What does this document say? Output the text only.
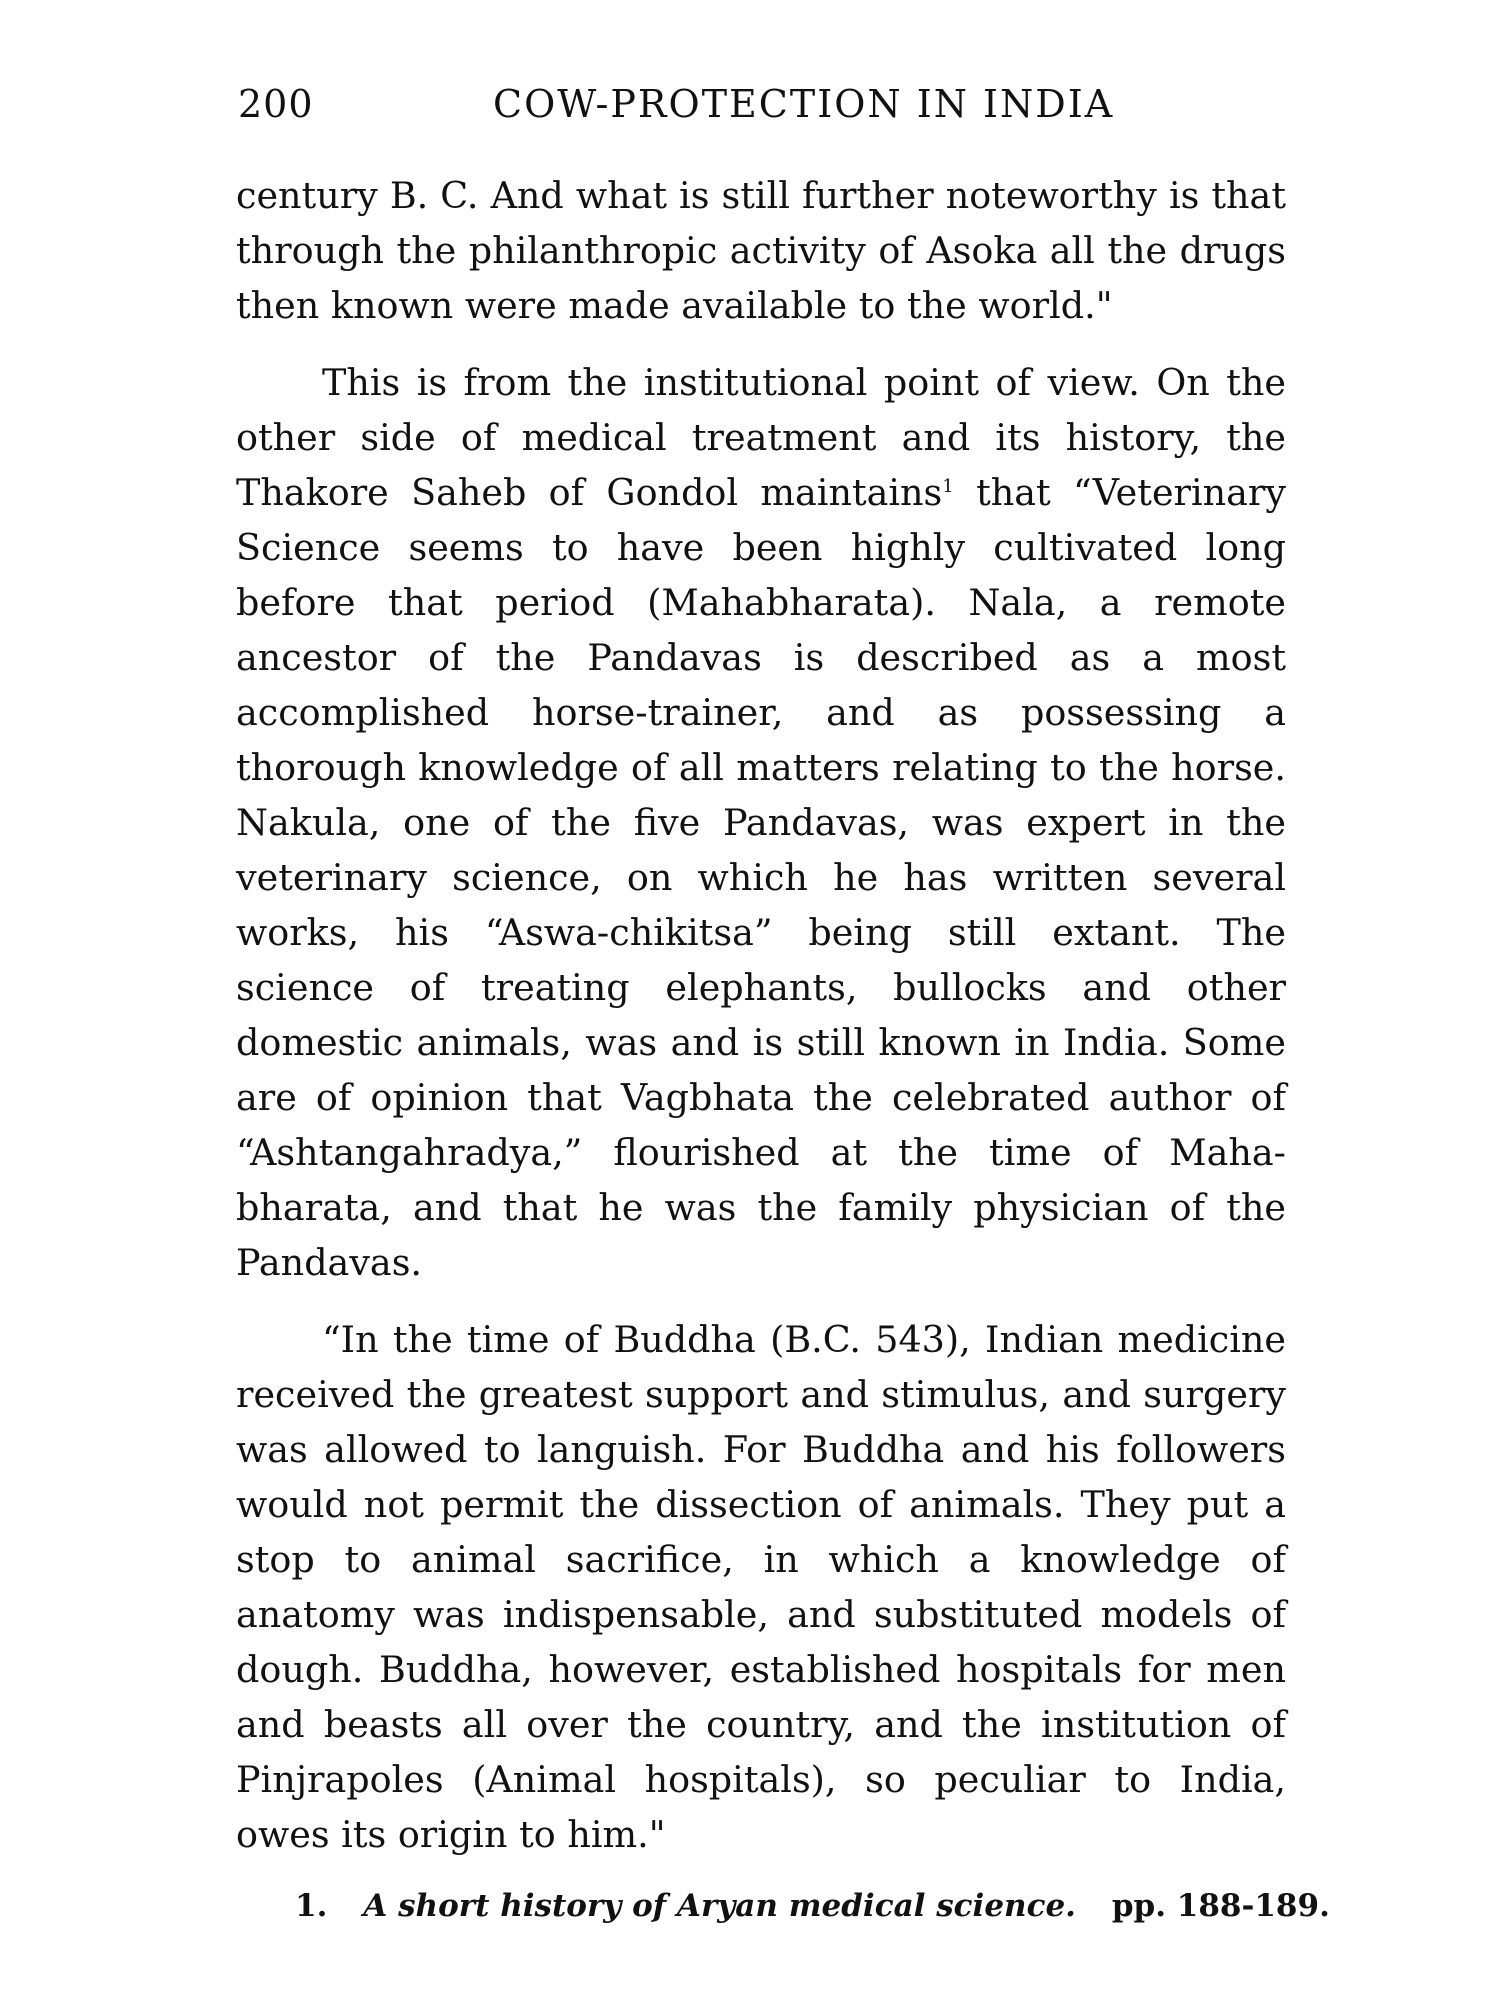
200	COW-PROTECTION IN INDIA

century B. C. And what is still further noteworthy is that through the philanthropic activity of Asoka all the drugs then known were made available to the world."

This is from the institutional point of view. On the other side of medical treatment and its history, the Thakore Saheb of Gondol maintains$^1$ that “Veterinary Science seems to have been highly cultivated long before that period (Mahabharata). Nala, a remote ancestor of the Pandavas is described as a most accomplished horse-trainer, and as possessing a thorough knowledge of all matters relating to the horse. Nakula, one of the five Pandavas, was expert in the veterinary science, on which he has written several works, his “Aswa-chikitsa” being still extant. The science of treating elephants, bullocks and other domestic animals, was and is still known in India. Some are of opinion that Vagbhata the celebrated author of “Ashtangahradya,” flourished at the time of Maha-bharata, and that he was the family physician of the Pandavas.

“In the time of Buddha (B.C. 543), Indian medicine received the greatest support and stimulus, and surgery was allowed to languish. For Buddha and his followers would not permit the dissection of animals. They put a stop to animal sacrifice, in which a knowledge of anatomy was indispensable, and substituted models of dough. Buddha, however, established hospitals for men and beasts all over the country, and the institution of Pinjrapoles (Animal hospitals), so peculiar to India, owes its origin to him."

1. A short history of Aryan medical science. pp. 188-189.
